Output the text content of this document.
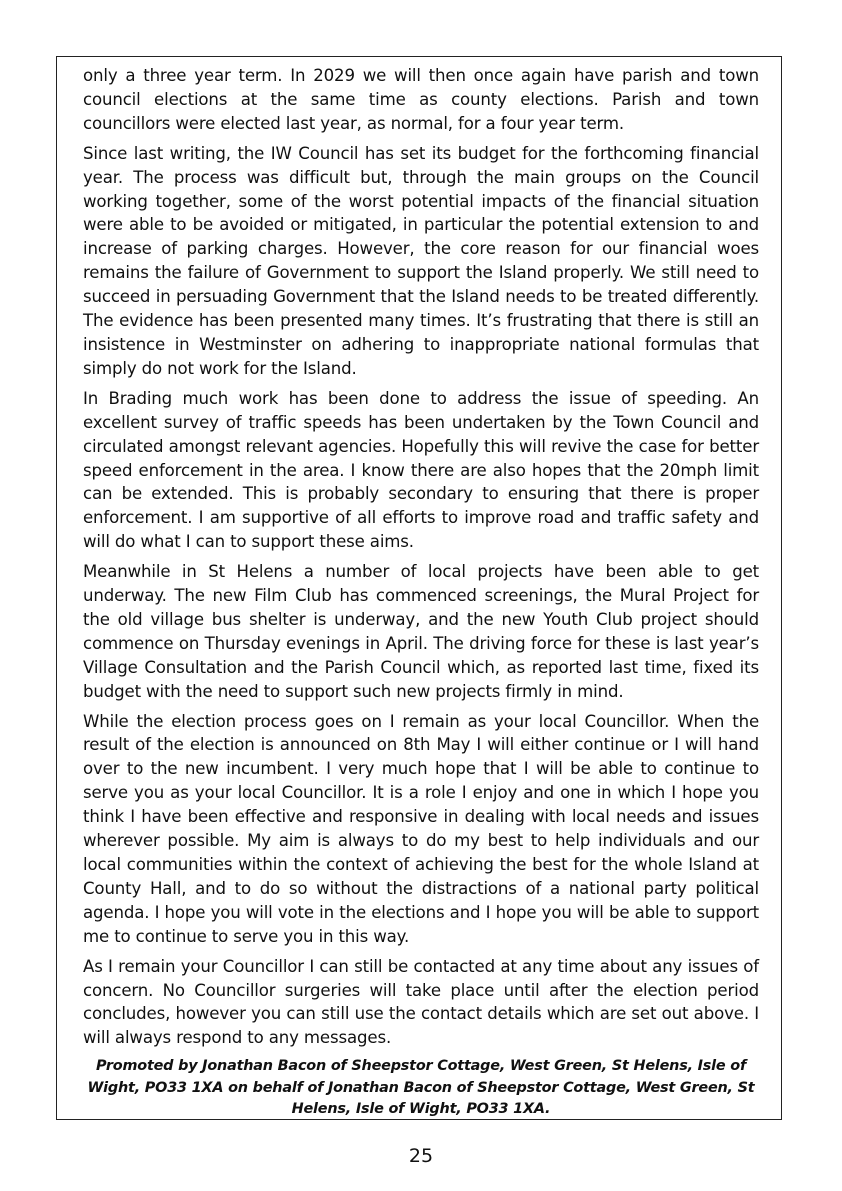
only a three year term. In 2029 we will then once again have parish and town council elections at the same time as county elections. Parish and town councillors were elected last year, as normal, for a four year term.

Since last writing, the IW Council has set its budget for the forthcoming financial year. The process was difficult but, through the main groups on the Council working together, some of the worst potential impacts of the financial situation were able to be avoided or mitigated, in particular the potential extension to and increase of parking charges. However, the core reason for our financial woes remains the failure of Government to support the Island properly. We still need to succeed in persuading Government that the Island needs to be treated differently. The evidence has been presented many times. It’s frustrating that there is still an insistence in Westminster on adhering to inappropriate national formulas that simply do not work for the Island.

In Brading much work has been done to address the issue of speeding. An excellent survey of traffic speeds has been undertaken by the Town Council and circulated amongst relevant agencies. Hopefully this will revive the case for better speed enforcement in the area. I know there are also hopes that the 20mph limit can be extended. This is probably secondary to ensuring that there is proper enforcement. I am supportive of all efforts to improve road and traffic safety and will do what I can to support these aims.

Meanwhile in St Helens a number of local projects have been able to get underway. The new Film Club has commenced screenings, the Mural Project for the old village bus shelter is underway, and the new Youth Club project should commence on Thursday evenings in April. The driving force for these is last year’s Village Consultation and the Parish Council which, as reported last time, fixed its budget with the need to support such new projects firmly in mind.

While the election process goes on I remain as your local Councillor. When the result of the election is announced on 8th May I will either continue or I will hand over to the new incumbent. I very much hope that I will be able to continue to serve you as your local Councillor. It is a role I enjoy and one in which I hope you think I have been effective and responsive in dealing with local needs and issues wherever possible. My aim is always to do my best to help individuals and our local communities within the context of achieving the best for the whole Island at County Hall, and to do so without the distractions of a national party political agenda. I hope you will vote in the elections and I hope you will be able to support me to continue to serve you in this way.

As I remain your Councillor I can still be contacted at any time about any issues of concern. No Councillor surgeries will take place until after the election period concludes, however you can still use the contact details which are set out above. I will always respond to any messages.

Promoted by Jonathan Bacon of Sheepstor Cottage, West Green, St Helens, Isle of Wight, PO33 1XA on behalf of Jonathan Bacon of Sheepstor Cottage, West Green, St Helens, Isle of Wight, PO33 1XA.

25
